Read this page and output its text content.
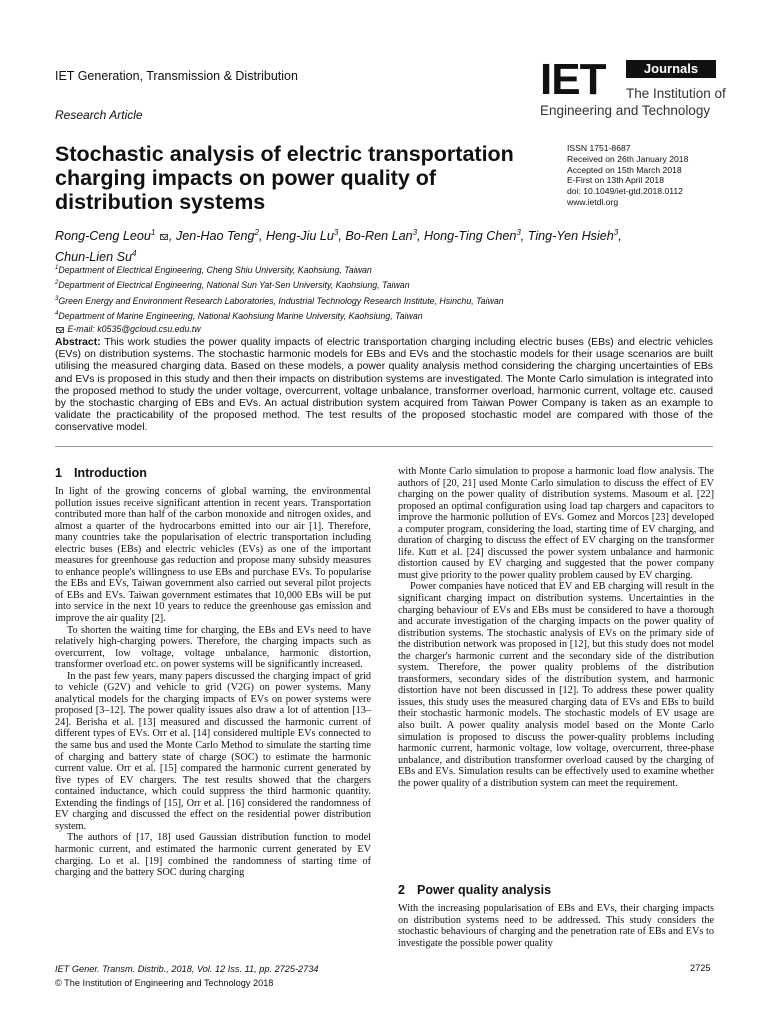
IET Generation, Transmission & Distribution	IET	Journals
The Institution of
Engineering and Technology
Research Article
Stochastic analysis of electric transportation charging impacts on power quality of distribution systems
ISSN 1751-8687
Received on 26th January 2018
Accepted on 15th March 2018
E-First on 13th April 2018
doi: 10.1049/iet-gtd.2018.0112
www.ietdl.org
Rong-Ceng Leou$^1$ , Jen-Hao Teng$^2$, Heng-Jiu Lu$^3$, Bo-Ren Lan$^3$, Hong-Ting Chen$^3$, Ting-Yen Hsieh$^3$,
Chun-Lien Su$^4$
$^1$Department of Electrical Engineering, Cheng Shiu University, Kaohsiung, Taiwan
$^2$Department of Electrical Engineering, National Sun Yat-Sen University, Kaohsiung, Taiwan
$^3$Green Energy and Environment Research Laboratories, Industrial Technology Research Institute, Hsinchu, Taiwan
$^4$Department of Marine Engineering, National Kaohsiung Marine University, Kaohsiung, Taiwan
E-mail: k0535@gcloud.csu.edu.tw
Abstract: This work studies the power quality impacts of electric transportation charging including electric buses (EBs) and electric vehicles (EVs) on distribution systems. The stochastic harmonic models for EBs and EVs and the stochastic models for their usage scenarios are built utilising the measured charging data. Based on these models, a power quality analysis method considering the charging uncertainties of EBs and EVs is proposed in this study and then their impacts on distribution systems are investigated. The Monte Carlo simulation is integrated into the proposed method to study the under voltage, overcurrent, voltage unbalance, transformer overload, harmonic current, voltage etc. caused by the stochastic charging of EBs and EVs. An actual distribution system acquired from Taiwan Power Company is taken as an example to validate the practicability of the proposed method. The test results of the proposed stochastic model are compared with those of the conservative model.
1 Introduction

In light of the growing concerns of global warning, the environmental pollution issues receive significant attention in recent years. Transportation contributed more than half of the carbon monoxide and nitrogen oxides, and almost a quarter of the hydrocarbons emitted into our air [1]. Therefore, many countries take the popularisation of electric transportation including electric buses (EBs) and electric vehicles (EVs) as one of the important measures for greenhouse gas reduction and propose many subsidy measures to enhance people's willingness to use EBs and purchase EVs. To popularise the EBs and EVs, Taiwan government also carried out several pilot projects of EBs and EVs. Taiwan government estimates that 10,000 EBs will be put into service in the next 10 years to reduce the greenhouse gas emission and improve the air quality [2].

To shorten the waiting time for charging, the EBs and EVs need to have relatively high-charging powers. Therefore, the charging impacts such as overcurrent, low voltage, voltage unbalance, harmonic distortion, transformer overload etc. on power systems will be significantly increased.

In the past few years, many papers discussed the charging impact of grid to vehicle (G2V) and vehicle to grid (V2G) on power systems. Many analytical models for the charging impacts of EVs on power systems were proposed [3–12]. The power quality issues also draw a lot of attention [13–24]. Berisha et al. [13] measured and discussed the harmonic current of different types of EVs. Orr et al. [14] considered multiple EVs connected to the same bus and used the Monte Carlo Method to simulate the starting time of charging and battery state of charge (SOC) to estimate the harmonic current value. Orr et al. [15] compared the harmonic current generated by five types of EV chargers. The test results showed that the chargers contained inductance, which could suppress the third harmonic quantity. Extending the findings of [15], Orr et al. [16] considered the randomness of EV charging and discussed the effect on the residential power distribution system.

The authors of [17, 18] used Gaussian distribution function to model harmonic current, and estimated the harmonic current generated by EV charging. Lo et al. [19] combined the randomness of starting time of charging and the battery SOC during charging

with Monte Carlo simulation to propose a harmonic load flow analysis. The authors of [20, 21] used Monte Carlo simulation to discuss the effect of EV charging on the power quality of distribution systems. Masoum et al. [22] proposed an optimal configuration using load tap chargers and capacitors to improve the harmonic pollution of EVs. Gomez and Morcos [23] developed a computer program, considering the load, starting time of EV charging, and duration of charging to discuss the effect of EV charging on the transformer life. Kutt et al. [24] discussed the power system unbalance and harmonic distortion caused by EV charging and suggested that the power company must give priority to the power quality problem caused by EV charging.

Power companies have noticed that EV and EB charging will result in the significant charging impact on distribution systems. Uncertainties in the charging behaviour of EVs and EBs must be considered to have a thorough and accurate investigation of the charging impacts on the power quality of distribution systems. The stochastic analysis of EVs on the primary side of the distribution network was proposed in [12], but this study does not model the charger's harmonic current and the secondary side of the distribution system. Therefore, the power quality problems of the distribution transformers, secondary sides of the distribution system, and harmonic distortion have not been discussed in [12]. To address these power quality issues, this study uses the measured charging data of EVs and EBs to build their stochastic harmonic models. The stochastic models of EV usage are also built. A power quality analysis model based on the Monte Carlo simulation is proposed to discuss the power-quality problems including harmonic current, harmonic voltage, low voltage, overcurrent, three-phase unbalance, and distribution transformer overload caused by the charging of EBs and EVs. Simulation results can be effectively used to examine whether the power quality of a distribution system can meet the requirement.

2 Power quality analysis

With the increasing popularisation of EBs and EVs, their charging impacts on distribution systems need to be addressed. This study considers the stochastic behaviours of charging and the penetration rate of EBs and EVs to investigate the possible power quality

IET Gener. Transm. Distrib., 2018, Vol. 12 Iss. 11, pp. 2725-2734
© The Institution of Engineering and Technology 2018
2725
